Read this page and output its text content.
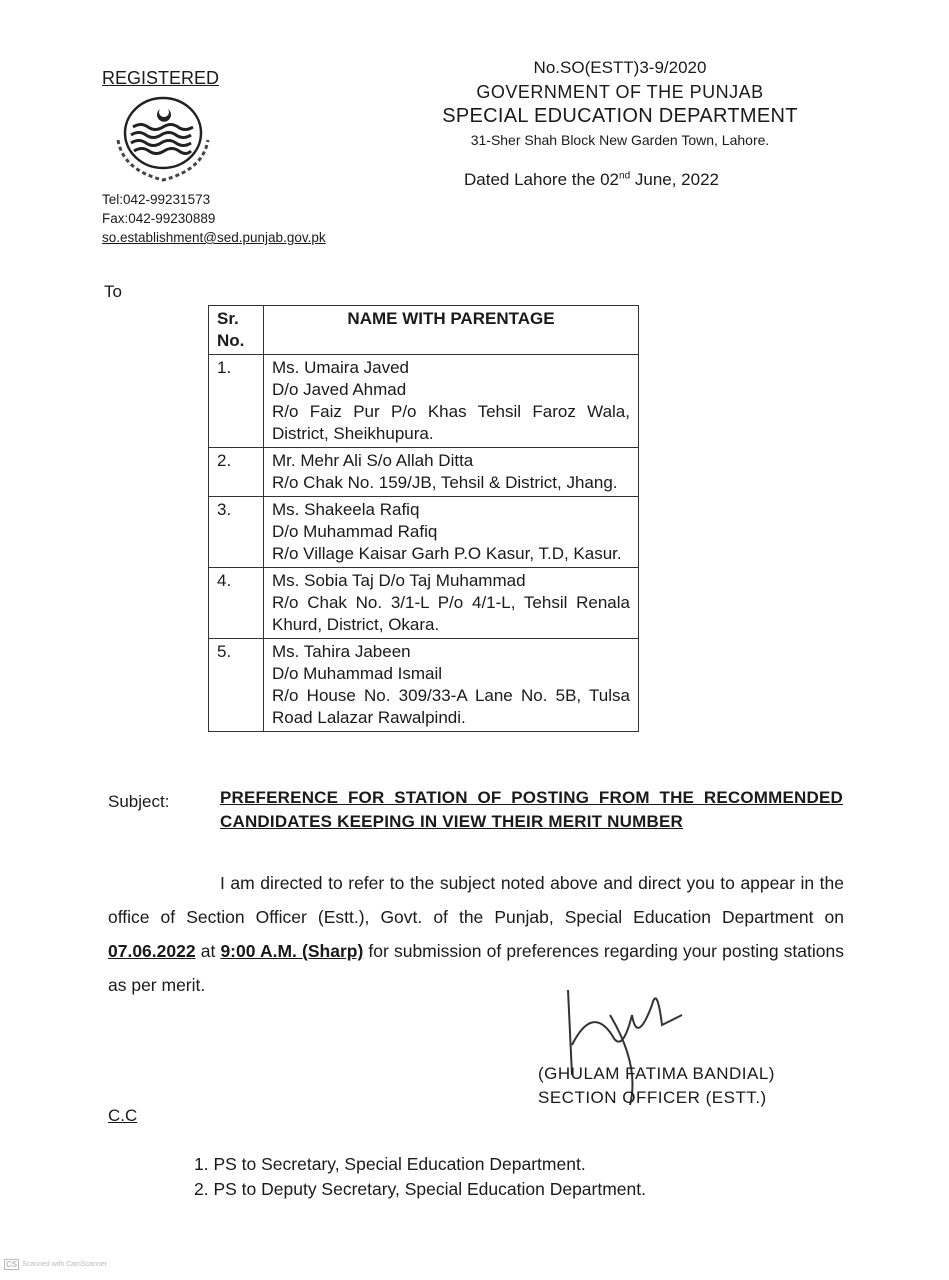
REGISTERED
Tel:042-99231573
Fax:042-99230889
so.establishment@sed.punjab.gov.pk
No.SO(ESTT)3-9/2020
GOVERNMENT OF THE PUNJAB
SPECIAL EDUCATION DEPARTMENT
31-Sher Shah Block New Garden Town, Lahore.
Dated Lahore the 02nd June, 2022
To
Sr. No.	NAME WITH PARENTAGE
1.	Ms. Umaira Javed
D/o Javed Ahmad
R/o Faiz Pur P/o Khas Tehsil Faroz Wala, District, Sheikhupura.

2.	Mr. Mehr Ali S/o Allah Ditta
R/o Chak No. 159/JB, Tehsil & District, Jhang.

3.	Ms. Shakeela Rafiq
D/o Muhammad Rafiq
R/o Village Kaisar Garh P.O Kasur, T.D, Kasur.

4.	Ms. Sobia Taj D/o Taj Muhammad
R/o Chak No. 3/1-L P/o 4/1-L, Tehsil Renala Khurd, District, Okara.

5.	Ms. Tahira Jabeen
D/o Muhammad Ismail
R/o House No. 309/33-A Lane No. 5B, Tulsa Road Lalazar Rawalpindi.
Subject:	PREFERENCE FOR STATION OF POSTING FROM THE RECOMMENDED CANDIDATES KEEPING IN VIEW THEIR MERIT NUMBER
I am directed to refer to the subject noted above and direct you to appear in the office of Section Officer (Estt.), Govt. of the Punjab, Special Education Department on 07.06.2022 at 9:00 A.M. (Sharp) for submission of preferences regarding your posting stations as per merit.
(GHULAM FATIMA BANDIAL)
SECTION OFFICER (ESTT.)
C.C
1. PS to Secretary, Special Education Department.
2. PS to Deputy Secretary, Special Education Department.
CS Scanned with CamScanner
